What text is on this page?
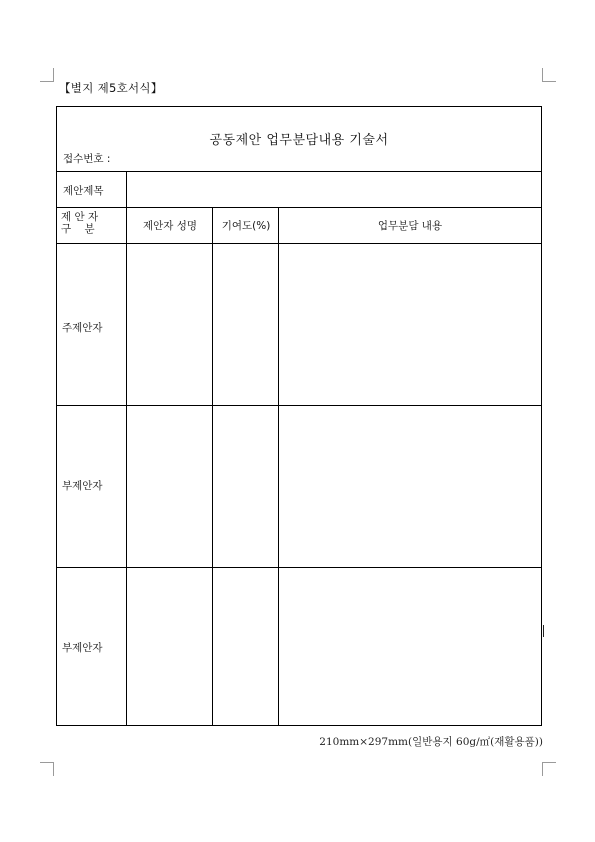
【별지 제5호서식】
공동제안 업무분담내용 기술서
접수번호 :
제안제목
제 안 자
구    분	제안자 성명	기여도(%)	업무분담 내용
주제안자
부제안자
부제안자
210mm×297mm(일반용지 60g/㎡(재활용품))
